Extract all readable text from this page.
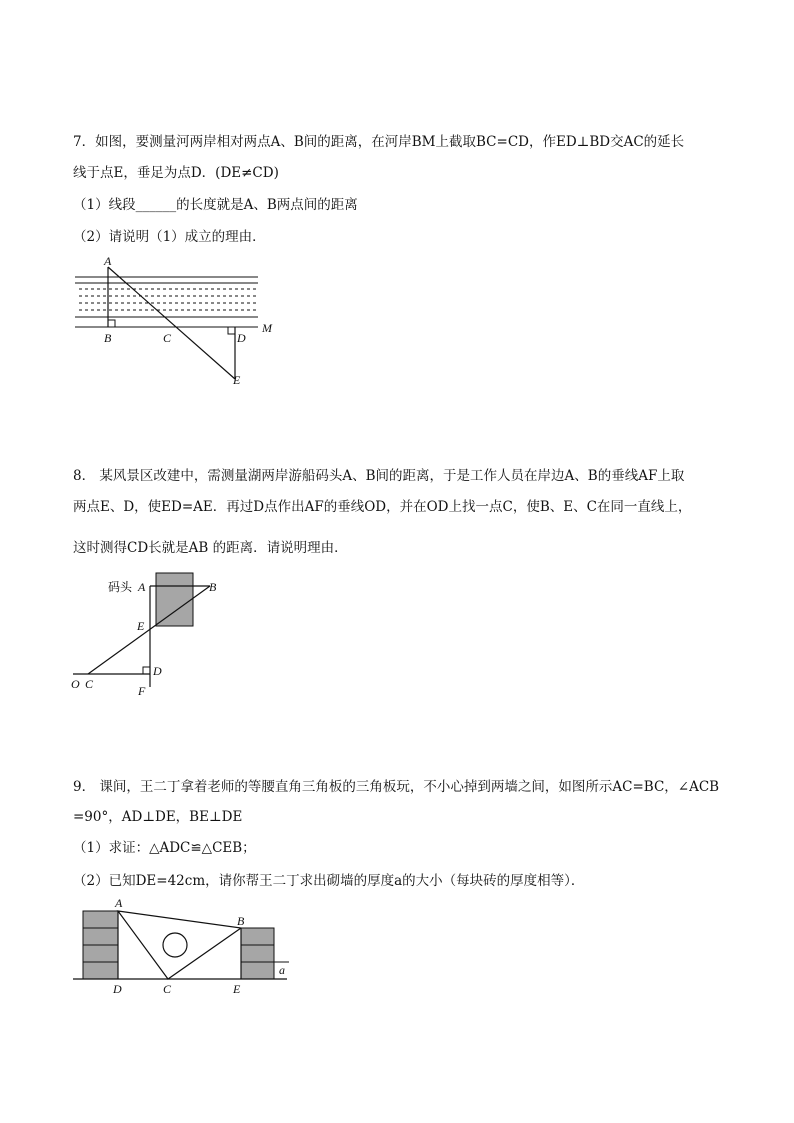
7．如图，要测量河两岸相对两点A、B间的距离，在河岸BM上截取BC=CD，作ED⊥BD交AC的延长
线于点E，垂足为点D．(DE≠CD)
（1）线段______的长度就是A、B两点间的距离
（2）请说明（1）成立的理由．
A
B	C	D
E
M
8． 某风景区改建中，需测量湖两岸游船码头A、B间的距离，于是工作人员在岸边A、B的垂线AF上取
两点E、D，使ED=AE．再过D点作出AF的垂线OD，并在OD上找一点C，使B、E、C在同一直线上，
这时测得CD长就是AB 的距离．请说明理由．
码头 A	B
E
D
F
O C
9． 课间，王二丁拿着老师的等腰直角三角板的三角板玩，不小心掉到两墙之间，如图所示AC=BC，∠ACB
=90°，AD⊥DE，BE⊥DE
（1）求证：△ADC≌△CEB；
（2）已知DE=42cm，请你帮王二丁求出砌墙的厚度a的大小（每块砖的厚度相等）．
A
B
D	C	E
a
